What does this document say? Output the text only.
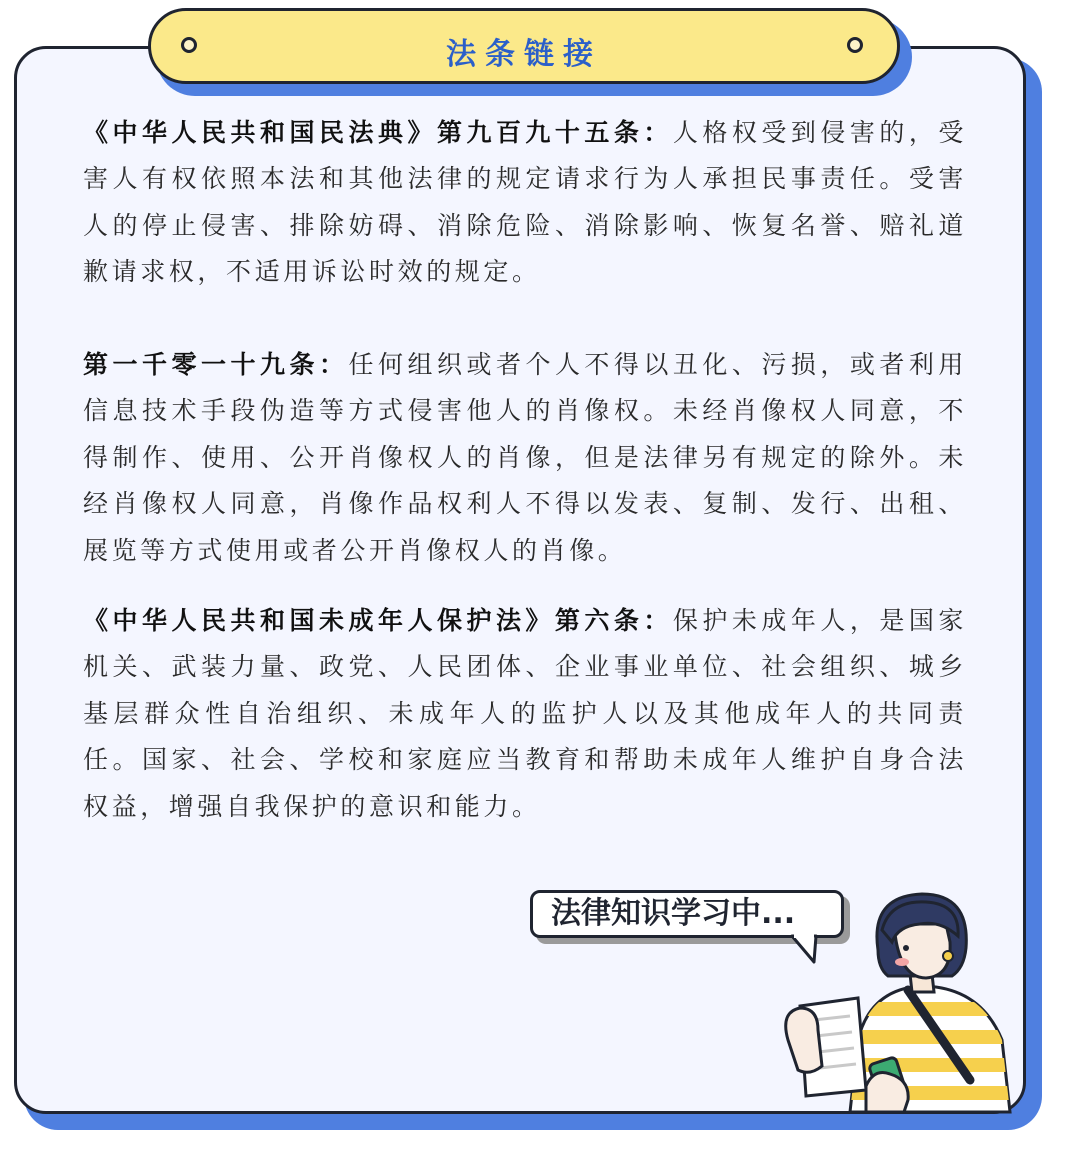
法条链接

《中华人民共和国民法典》第九百九十五条：人格权受到侵害的，受害人有权依照本法和其他法律的规定请求行为人承担民事责任。受害人的停止侵害、排除妨碍、消除危险、消除影响、恢复名誉、赔礼道歉请求权，不适用诉讼时效的规定。

第一千零一十九条：任何组织或者个人不得以丑化、污损，或者利用信息技术手段伪造等方式侵害他人的肖像权。未经肖像权人同意，不得制作、使用、公开肖像权人的肖像，但是法律另有规定的除外。未经肖像权人同意，肖像作品权利人不得以发表、复制、发行、出租、展览等方式使用或者公开肖像权人的肖像。

《中华人民共和国未成年人保护法》第六条：保护未成年人，是国家机关、武装力量、政党、人民团体、企业事业单位、社会组织、城乡基层群众性自治组织、未成年人的监护人以及其他成年人的共同责任。国家、社会、学校和家庭应当教育和帮助未成年人维护自身合法权益，增强自我保护的意识和能力。

法律知识学习中...
